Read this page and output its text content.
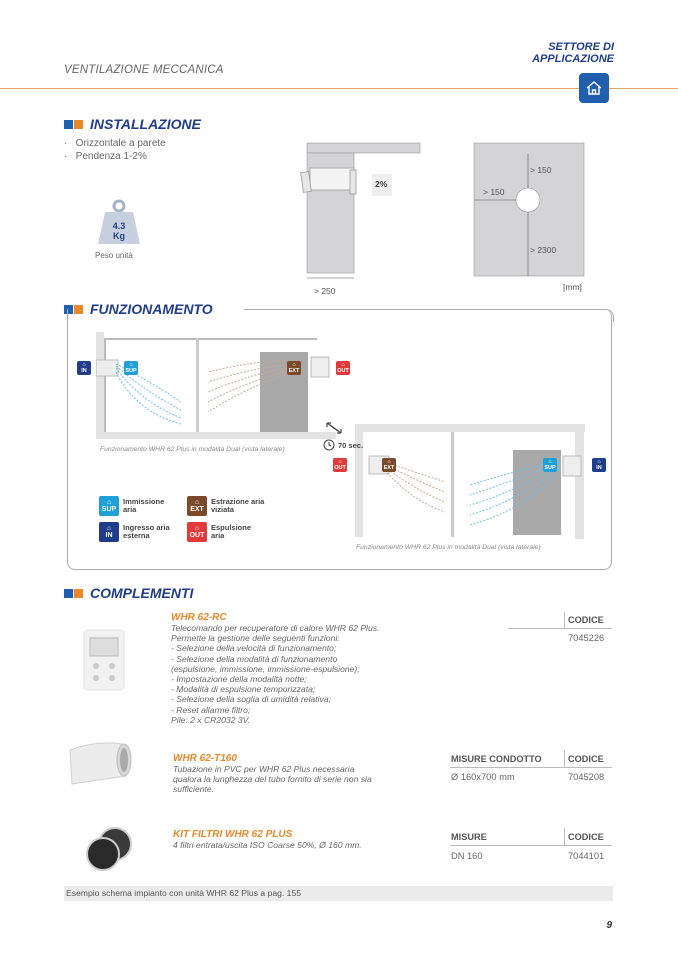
VENTILAZIONE MECCANICA
SETTORE DI
APPLICAZIONE
INSTALLAZIONE
·   Orizzontale a parete
·   Pendenza 1-2%
4.3
Kg
Peso unità
2%
> 250
> 150
> 150
> 2300
[mm]
FUNZIONAMENTO
⌂
IN
⌂
SUP
⌂
EXT
⌂
OUT
⌂
OUT
⌂
EXT
⌂
SUP
⌂
IN
70 sec.
Funzionamento WHR 62 Plus in modalità Dual (vista laterale)
Funzionamento WHR 62 Plus in modalità Dual (vista laterale)
⌂
SUP
Immissione
aria
⌂
EXT
Estrazione aria
viziata
⌂
IN
Ingresso aria
esterna
⌂
OUT
Espulsione
aria
COMPLEMENTI
WHR 62-RC
Telecomando per recuperatore di calore WHR 62 Plus.
Permette la gestione delle seguenti funzioni:
- Selezione della velocità di funzionamento;
- Selezione della modalità di funzionamento
(espulsione, immissione, immissione-espulsione);
- Impostazione della modalità notte;
- Modalità di espulsione temporizzata;
- Selezione della soglia di umidità relativa;
- Reset allarme filtro;
Pile: 2 x CR2032 3V.
CODICE
7045226
WHR 62-T160
Tubazione in PVC per WHR 62 Plus necessaria
qualora la lunghezza del tubo fornito di serie non sia
sufficiente.
MISURE CONDOTTO	CODICE
Ø 160x700 mm	7045208
KIT FILTRI WHR 62 PLUS
4 filtri entrata/uscita ISO Coarse 50%, Ø 160 mm.
MISURE	CODICE
DN 160	7044101
Esempio schema impianto con unità WHR 62 Plus a pag. 155
9
